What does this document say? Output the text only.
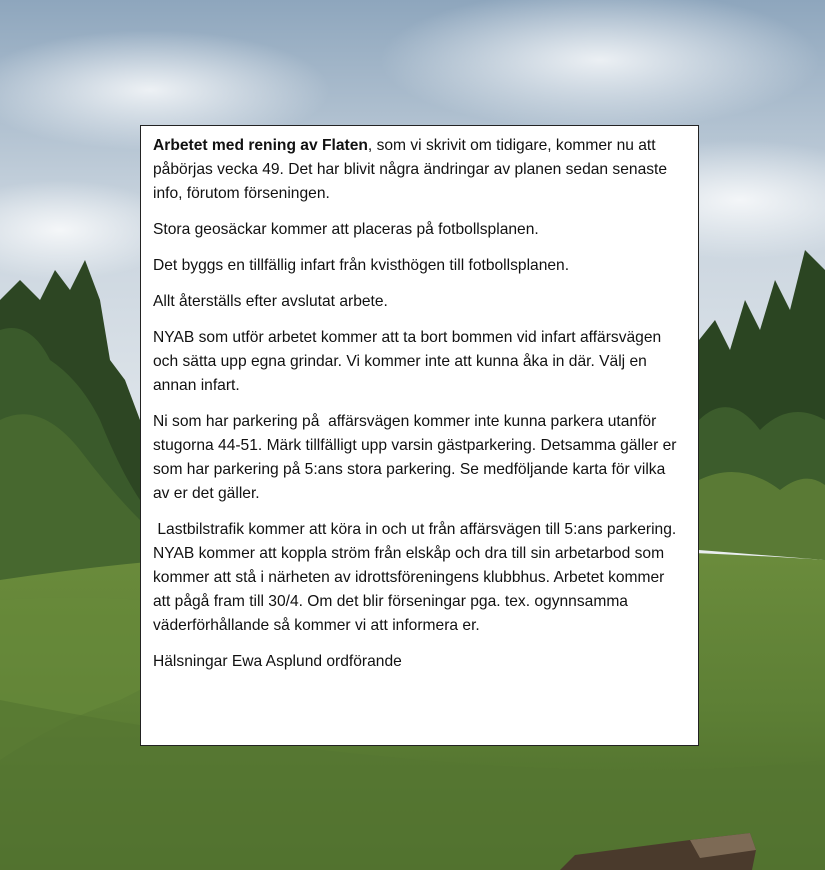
Arbetet med rening av Flaten, som vi skrivit om tidigare, kommer nu att påbörjas vecka 49. Det har blivit några ändringar av planen sedan senaste info, förutom förseningen.

Stora geosäckar kommer att placeras på fotbollsplanen.

Det byggs en tillfällig infart från kvisthögen till fotbollsplanen.

Allt återställs efter avslutat arbete.

NYAB som utför arbetet kommer att ta bort bommen vid infart affärsvägen och sätta upp egna grindar. Vi kommer inte att kunna åka in där. Välj en annan infart.

Ni som har parkering på  affärsvägen kommer inte kunna parkera utanför stugorna 44-51. Märk tillfälligt upp varsin gästparkering. Detsamma gäller er som har parkering på 5:ans stora parkering. Se medföljande karta för vilka av er det gäller.

Lastbilstrafik kommer att köra in och ut från affärsvägen till 5:ans parkering. NYAB kommer att koppla ström från elskåp och dra till sin arbetarbod som kommer att stå i närheten av idrottsföreningens klubbhus. Arbetet kommer att pågå fram till 30/4. Om det blir förseningar pga. tex. ogynnsamma väderförhållande så kommer vi att informera er.

Hälsningar Ewa Asplund ordförande
